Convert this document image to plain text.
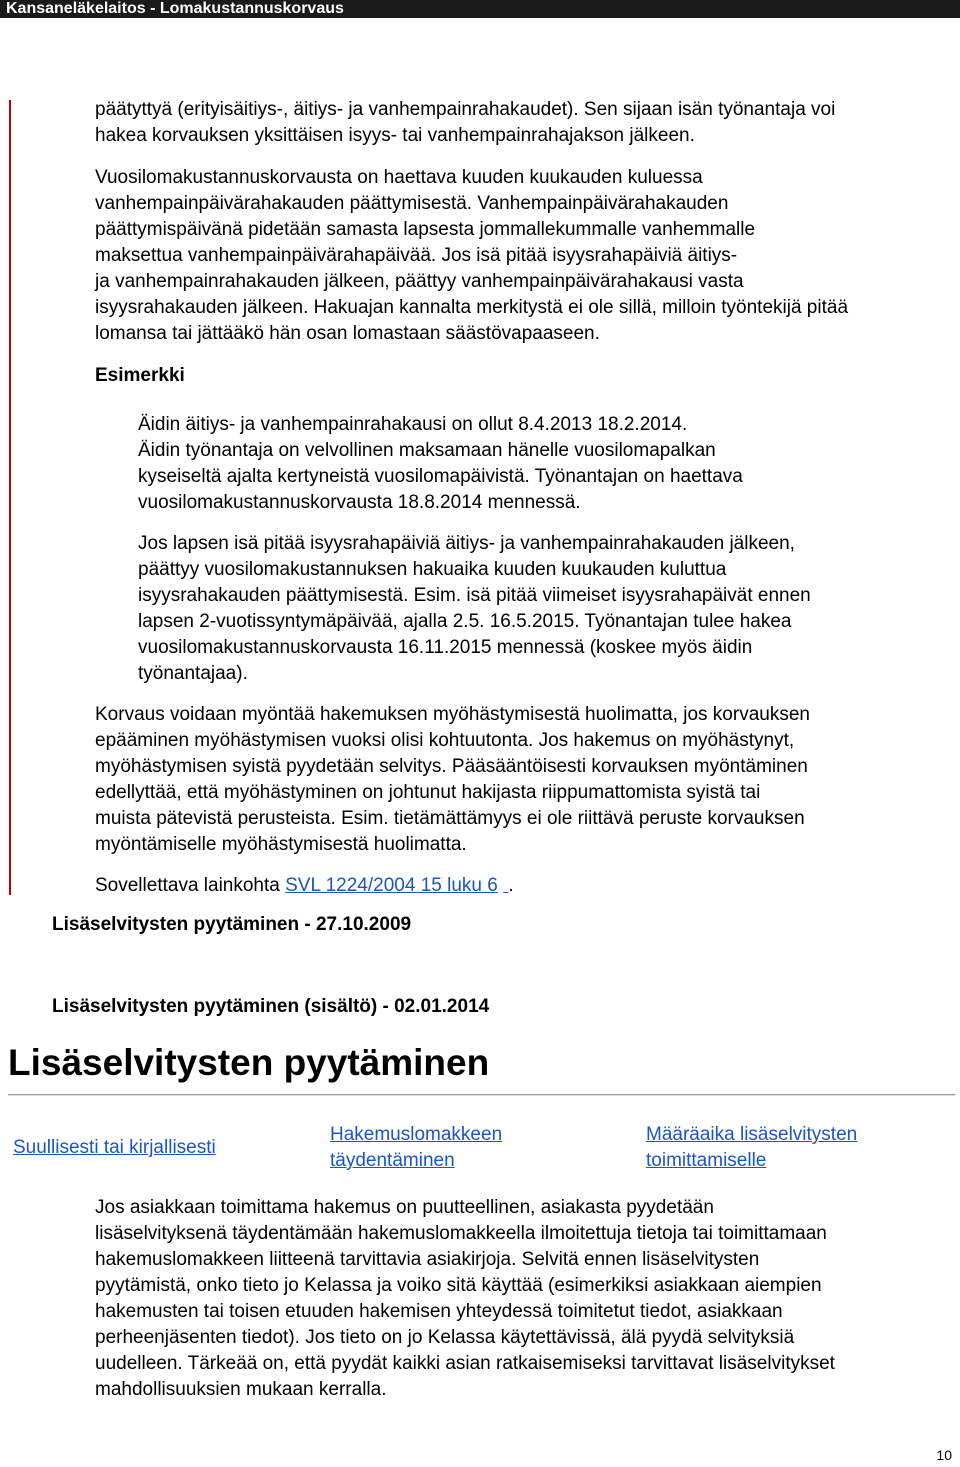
Kansaneläkelaitos - Lomakustannuskorvaus
päätyttyä (erityisäitiys-, äitiys- ja vanhempainrahakaudet). Sen sijaan isän työnantaja voi
hakea korvauksen yksittäisen isyys- tai vanhempainrahajakson jälkeen.
Vuosilomakustannuskorvausta on haettava kuuden kuukauden kuluessa
vanhempainpäivärahakauden päättymisestä. Vanhempainpäivärahakauden
päättymispäivänä pidetään samasta lapsesta jommallekummalle vanhemmalle
maksettua vanhempainpäivärahapäivää. Jos isä pitää isyysrahapäiviä äitiys-
ja vanhempainrahakauden jälkeen, päättyy vanhempainpäivärahakausi vasta
isyysrahakauden jälkeen. Hakuajan kannalta merkitystä ei ole sillä, milloin työntekijä pitää
lomansa tai jättääkö hän osan lomastaan säästövapaaseen.
Esimerkki
Äidin äitiys- ja vanhempainrahakausi on ollut 8.4.2013 18.2.2014.
Äidin työnantaja on velvollinen maksamaan hänelle vuosilomapalkan
kyseiseltä ajalta kertyneistä vuosilomapäivistä. Työnantajan on haettava
vuosilomakustannuskorvausta 18.8.2014 mennessä.
Jos lapsen isä pitää isyysrahapäiviä äitiys- ja vanhempainrahakauden jälkeen,
päättyy vuosilomakustannuksen hakuaika kuuden kuukauden kuluttua
isyysrahakauden päättymisestä. Esim. isä pitää viimeiset isyysrahapäivät ennen
lapsen 2-vuotissyntymäpäivää, ajalla 2.5. 16.5.2015. Työnantajan tulee hakea
vuosilomakustannuskorvausta 16.11.2015 mennessä (koskee myös äidin
työnantajaa).
Korvaus voidaan myöntää hakemuksen myöhästymisestä huolimatta, jos korvauksen
epääminen myöhästymisen vuoksi olisi kohtuutonta. Jos hakemus on myöhästynyt,
myöhästymisen syistä pyydetään selvitys. Pääsääntöisesti korvauksen myöntäminen
edellyttää, että myöhästyminen on johtunut hakijasta riippumattomista syistä tai
muista pätevistä perusteista. Esim. tietämättämyys ei ole riittävä peruste korvauksen
myöntämiselle myöhästymisestä huolimatta.
Sovellettava lainkohta SVL 1224/2004 15 luku 6 .
Lisäselvitysten pyytäminen - 27.10.2009
Lisäselvitysten pyytäminen (sisältö) - 02.01.2014
Lisäselvitysten pyytäminen
Suullisesti tai kirjallisesti
Hakemuslomakkeen
täydentäminen
Määräaika lisäselvitysten
toimittamiselle
Jos asiakkaan toimittama hakemus on puutteellinen, asiakasta pyydetään
lisäselvityksenä täydentämään hakemuslomakkeella ilmoitettuja tietoja tai toimittamaan
hakemuslomakkeen liitteenä tarvittavia asiakirjoja. Selvitä ennen lisäselvitysten
pyytämistä, onko tieto jo Kelassa ja voiko sitä käyttää (esimerkiksi asiakkaan aiempien
hakemusten tai toisen etuuden hakemisen yhteydessä toimitetut tiedot, asiakkaan
perheenjäsenten tiedot). Jos tieto on jo Kelassa käytettävissä, älä pyydä selvityksiä
uudelleen. Tärkeää on, että pyydät kaikki asian ratkaisemiseksi tarvittavat lisäselvitykset
mahdollisuuksien mukaan kerralla.
10
